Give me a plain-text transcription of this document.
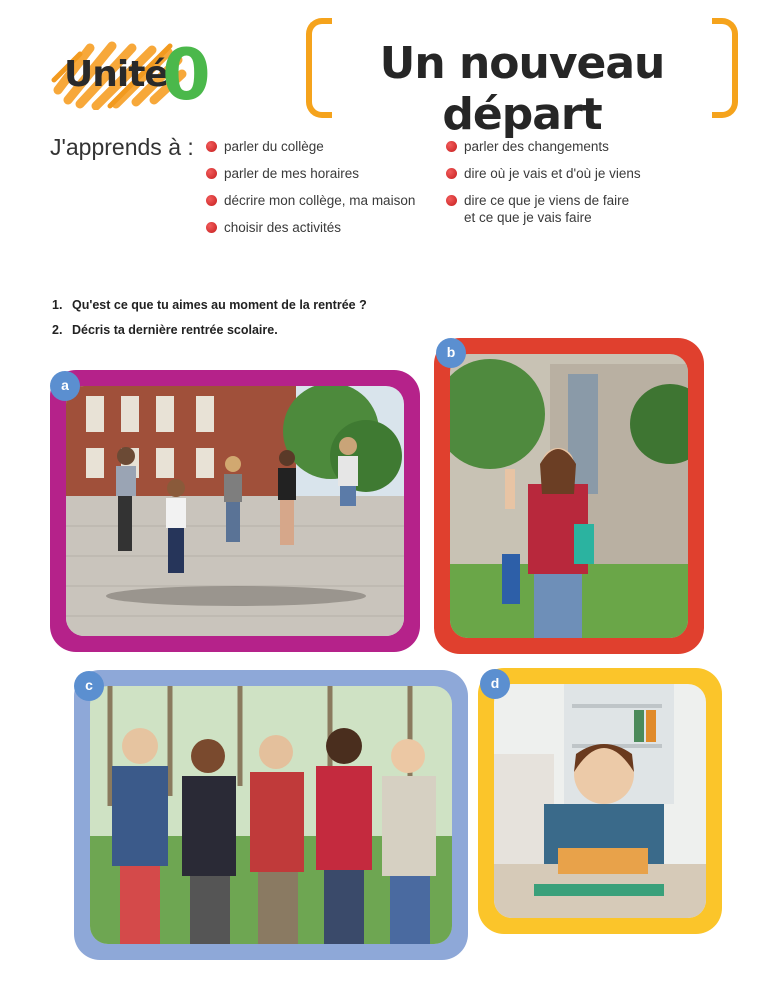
Unité
0	Un nouveau départ
J'apprends à :	parler du collège
parler de mes horaires
décrire mon collège, ma maison
choisir des activités
parler des changements
dire où je vais et d'où je viens
dire ce que je viens de faire
et ce que je vais faire
1. Qu'est ce que tu aimes au moment de la rentrée ?
2. Décris ta dernière rentrée scolaire.
a
b
c	d
